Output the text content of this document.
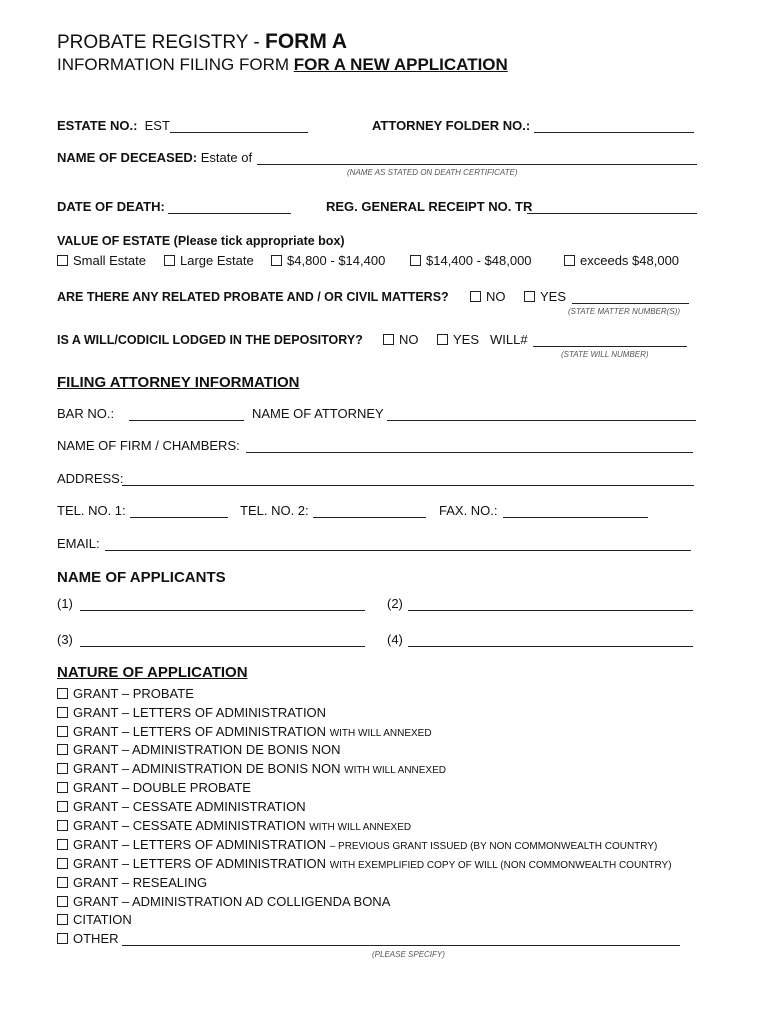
PROBATE REGISTRY - FORM A
INFORMATION FILING FORM FOR A NEW APPLICATION
ESTATE NO.: EST	ATTORNEY FOLDER NO.:
NAME OF DECEASED: Estate of
(NAME AS STATED ON DEATH CERTIFICATE)
DATE OF DEATH:	REG. GENERAL RECEIPT NO. TR
VALUE OF ESTATE (Please tick appropriate box)
Small Estate	Large Estate	$4,800 - $14,400	$14,400 - $48,000	exceeds $48,000
ARE THERE ANY RELATED PROBATE AND / OR CIVIL MATTERS?	NO	YES
(STATE MATTER NUMBER(S))
IS A WILL/CODICIL LODGED IN THE DEPOSITORY?	NO	YES WILL#
(STATE WILL NUMBER)
FILING ATTORNEY INFORMATION
BAR NO.:	NAME OF ATTORNEY
NAME OF FIRM / CHAMBERS:
ADDRESS:
TEL. NO. 1:	TEL. NO. 2:	FAX. NO.:
EMAIL:
NAME OF APPLICANTS
(1)	(2)
(3)	(4)
NATURE OF APPLICATION
GRANT – PROBATE
GRANT – LETTERS OF ADMINISTRATION
GRANT – LETTERS OF ADMINISTRATION WITH WILL ANNEXED
GRANT – ADMINISTRATION DE BONIS NON
GRANT – ADMINISTRATION DE BONIS NON WITH WILL ANNEXED
GRANT – DOUBLE PROBATE
GRANT – CESSATE ADMINISTRATION
GRANT – CESSATE ADMINISTRATION WITH WILL ANNEXED
GRANT – LETTERS OF ADMINISTRATION – PREVIOUS GRANT ISSUED (BY NON COMMONWEALTH COUNTRY)
GRANT – LETTERS OF ADMINISTRATION WITH EXEMPLIFIED COPY OF WILL (NON COMMONWEALTH COUNTRY)
GRANT – RESEALING
GRANT – ADMINISTRATION AD COLLIGENDA BONA
CITATION
OTHER
(PLEASE SPECIFY)
